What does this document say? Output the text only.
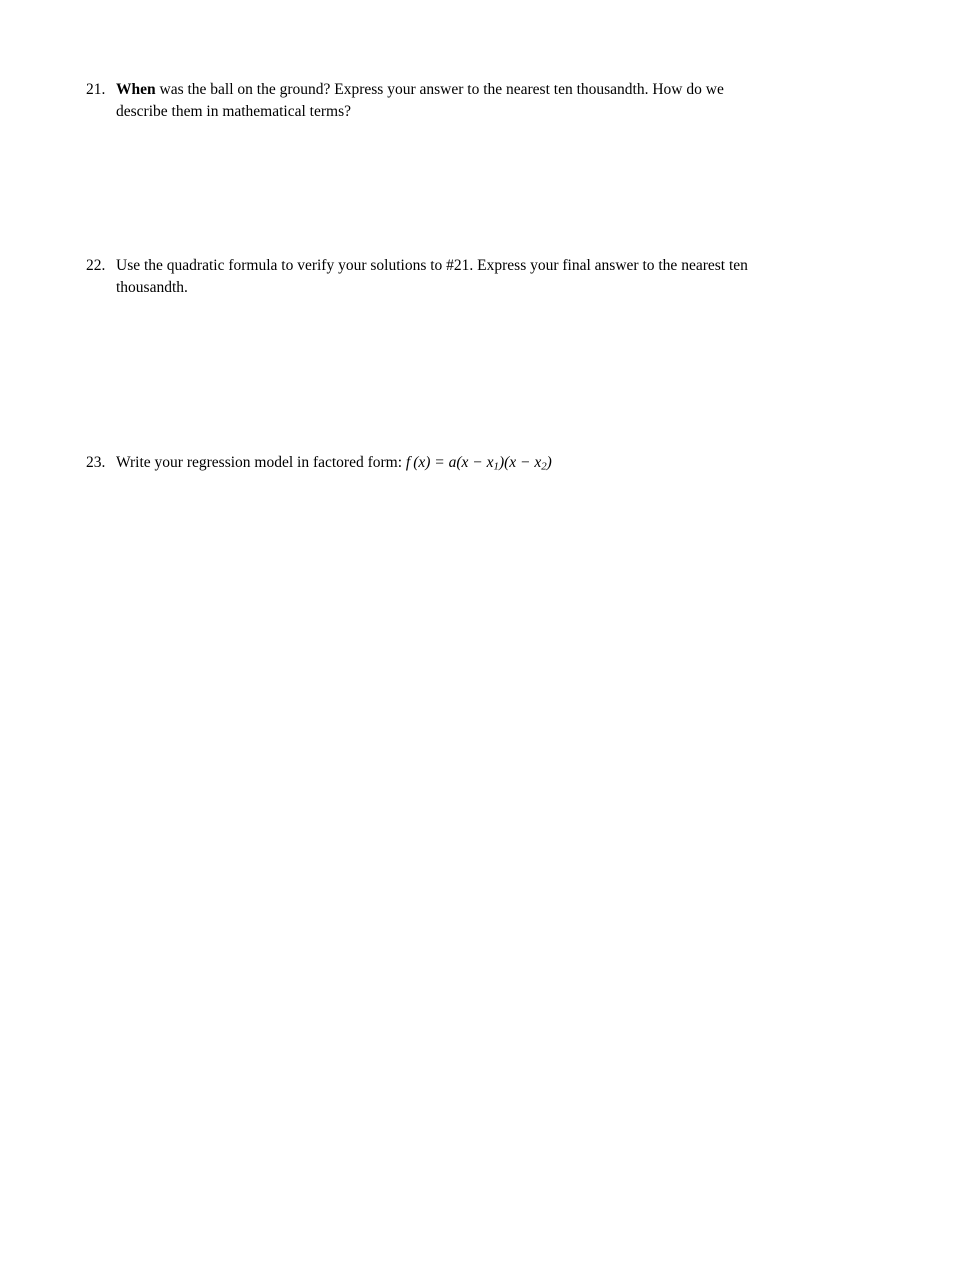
21. When was the ball on the ground? Express your answer to the nearest ten thousandth. How do we
describe them in mathematical terms?
22. Use the quadratic formula to verify your solutions to #21. Express your final answer to the nearest ten
thousandth.
23. Write your regression model in factored form: f $(x) = a(x - x_1)(x - x_2)$
